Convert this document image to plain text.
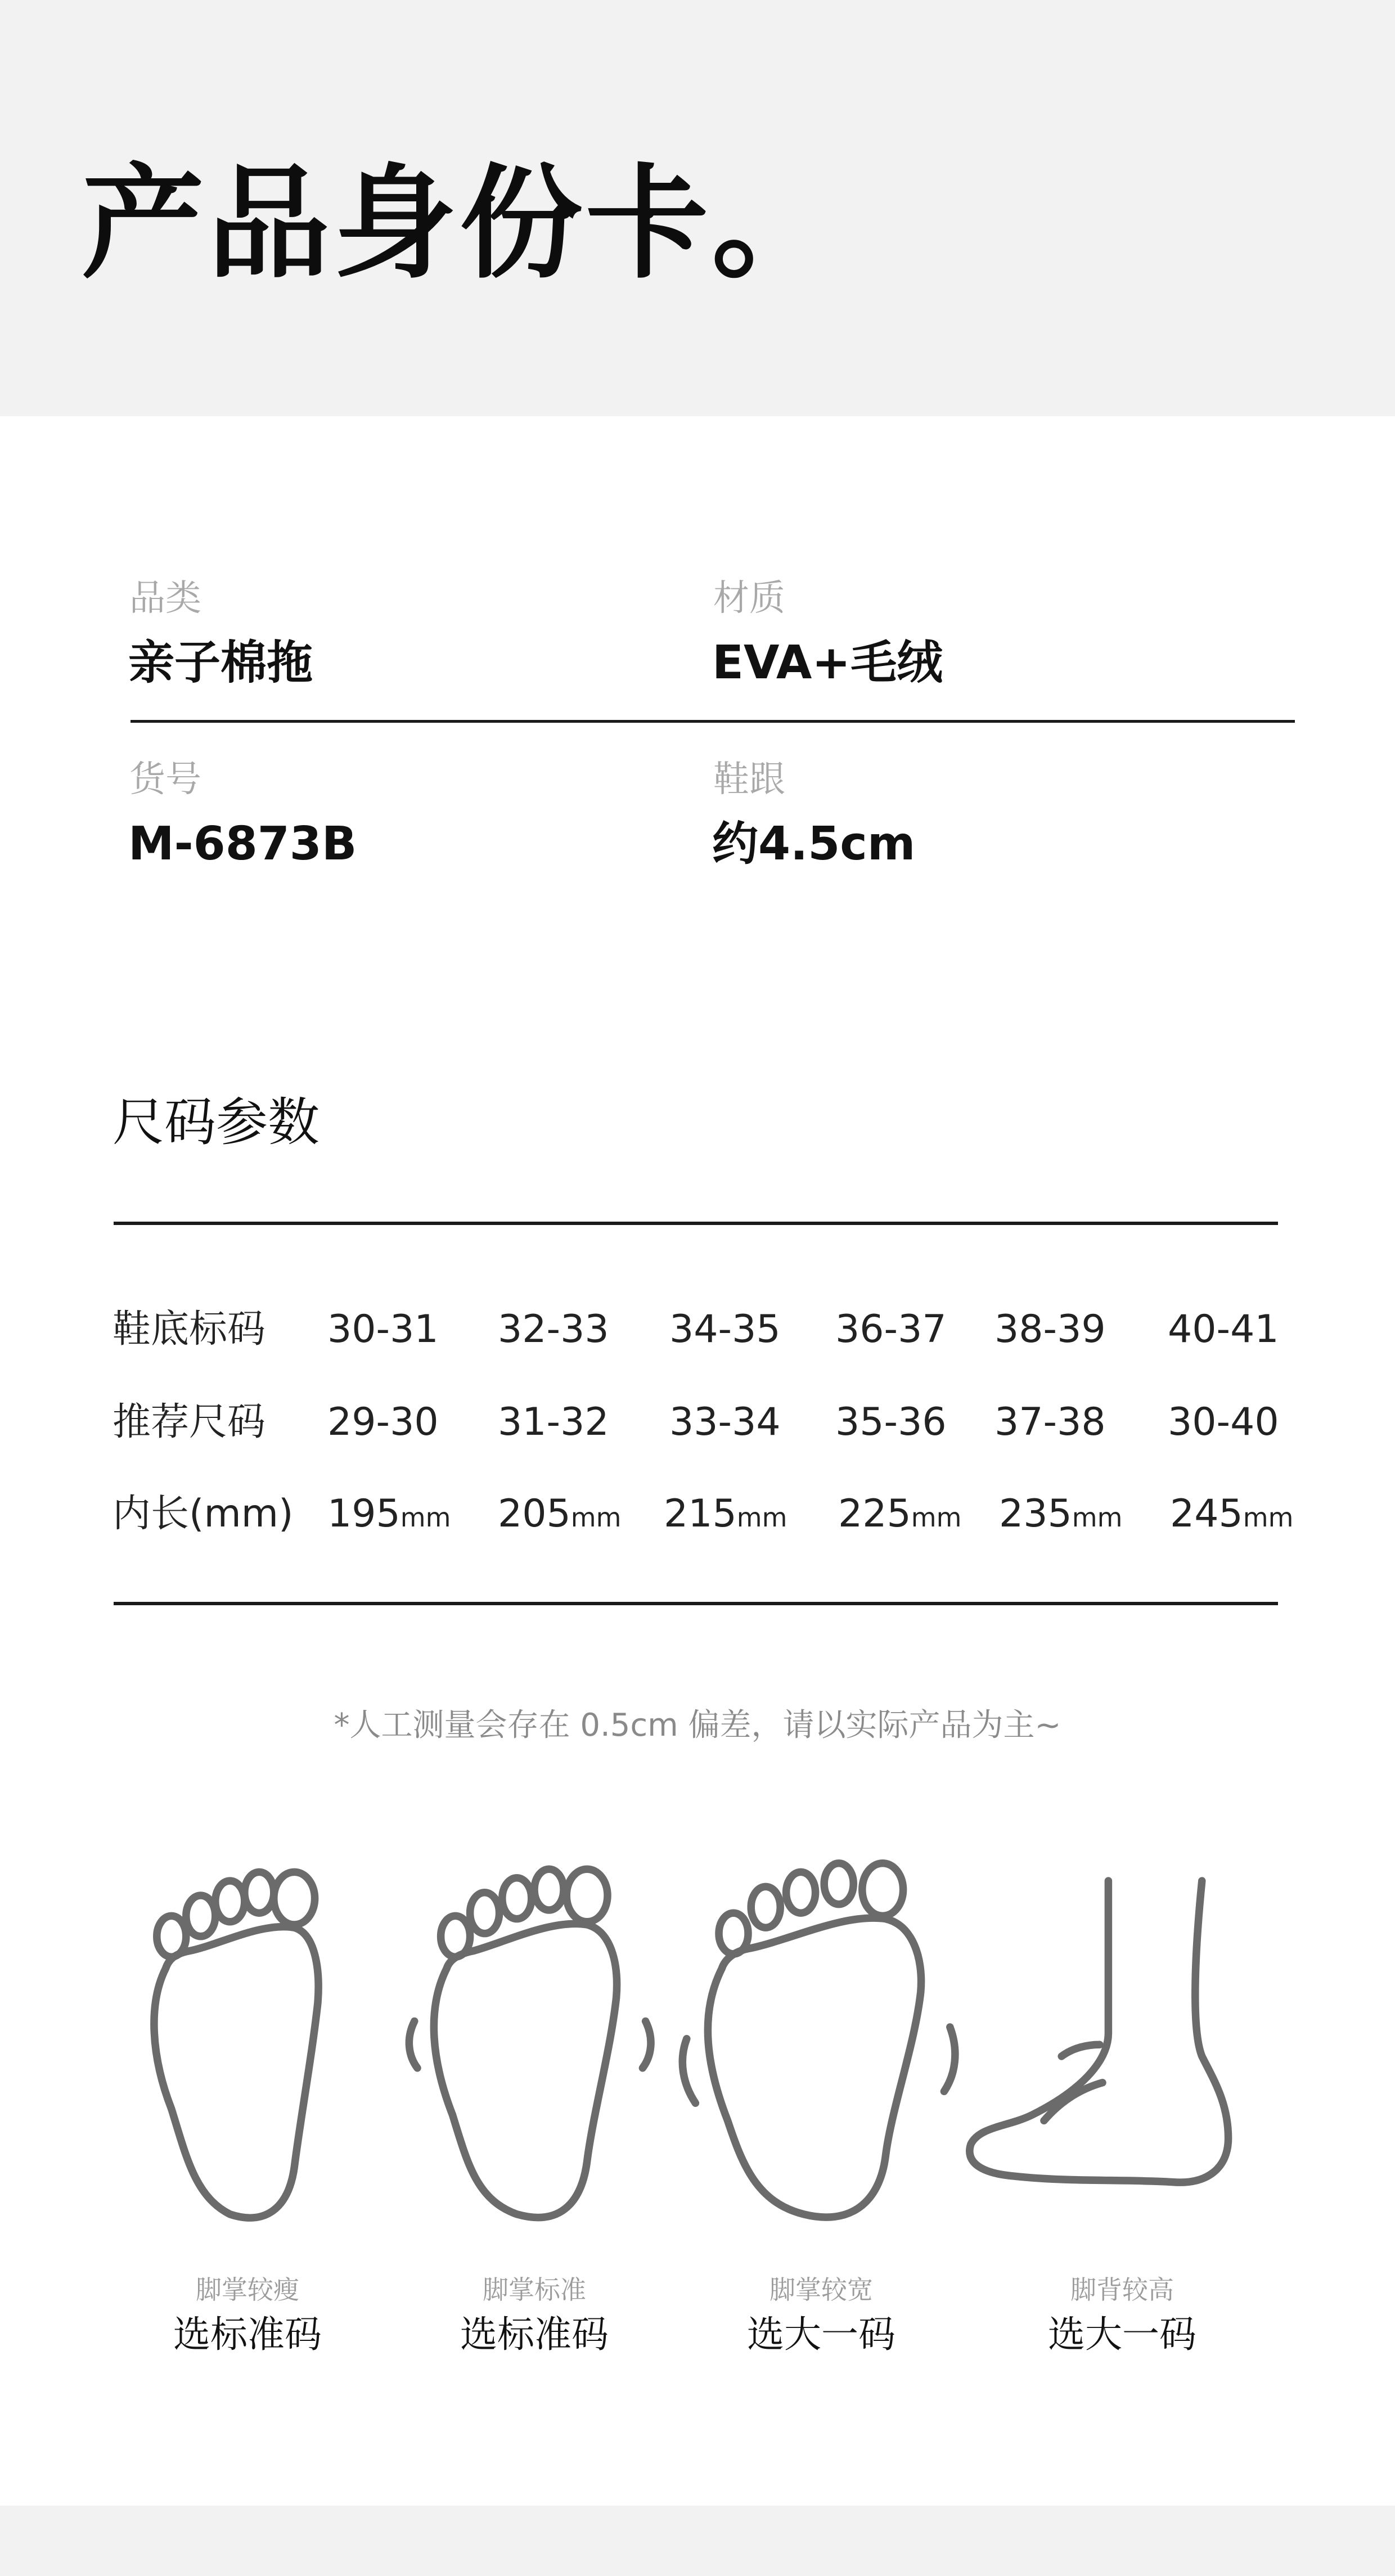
产品身份卡。
品类
亲子棉拖
材质
EVA+毛绒
货号
M-6873B
鞋跟
约4.5cm
尺码参数
鞋底标码 30-31 32-33 34-35 36-37 38-39 40-41
推荐尺码 29-30 31-32 33-34 35-36 37-38 30-40
内长(mm) 195mm 205mm 215mm 225mm 235mm 245mm
*人工测量会存在 0.5cm 偏差，请以实际产品为主~
脚掌较瘦
选标准码
脚掌标准
选标准码
脚掌较宽
选大一码
脚背较高
选大一码
